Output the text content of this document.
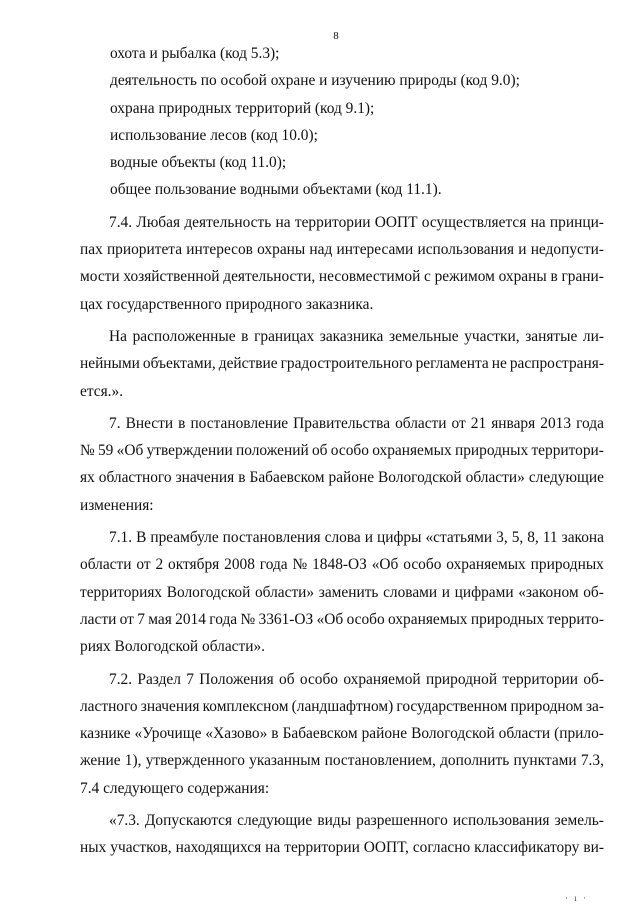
8
охота и рыбалка (код 5.3);
деятельность по особой охране и изучению природы (код 9.0);
охрана природных территорий (код 9.1);
использование лесов (код 10.0);
водные объекты (код 11.0);
общее пользование водными объектами (код 11.1).
7.4. Любая деятельность на территории ООПТ осуществляется на принци-
пах приоритета интересов охраны над интересами использования и недопусти-
мости хозяйственной деятельности, несовместимой с режимом охраны в грани-
цах государственного природного заказника.
На расположенные в границах заказника земельные участки, занятые ли-
нейными объектами, действие градостроительного регламента не распространя-
ется.».
7. Внести в постановление Правительства области от 21 января 2013 года
№ 59 «Об утверждении положений об особо охраняемых природных территори-
ях областного значения в Бабаевском районе Вологодской области» следующие
изменения:
7.1. В преамбуле постановления слова и цифры «статьями 3, 5, 8, 11 закона
области от 2 октября 2008 года № 1848-ОЗ «Об особо охраняемых природных
территориях Вологодской области» заменить словами и цифрами «законом об-
ласти от 7 мая 2014 года № 3361-ОЗ «Об особо охраняемых природных террито-
риях Вологодской области».
7.2. Раздел 7 Положения об особо охраняемой природной территории об-
ластного значения комплексном (ландшафтном) государственном природном за-
казнике «Урочище «Хазово» в Бабаевском районе Вологодской области (прило-
жение 1), утвержденного указанным постановлением, дополнить пунктами 7.3,
7.4 следующего содержания:
«7.3. Допускаются следующие виды разрешенного использования земель-
ных участков, находящихся на территории ООПТ, согласно классификатору ви-
· ı ·
